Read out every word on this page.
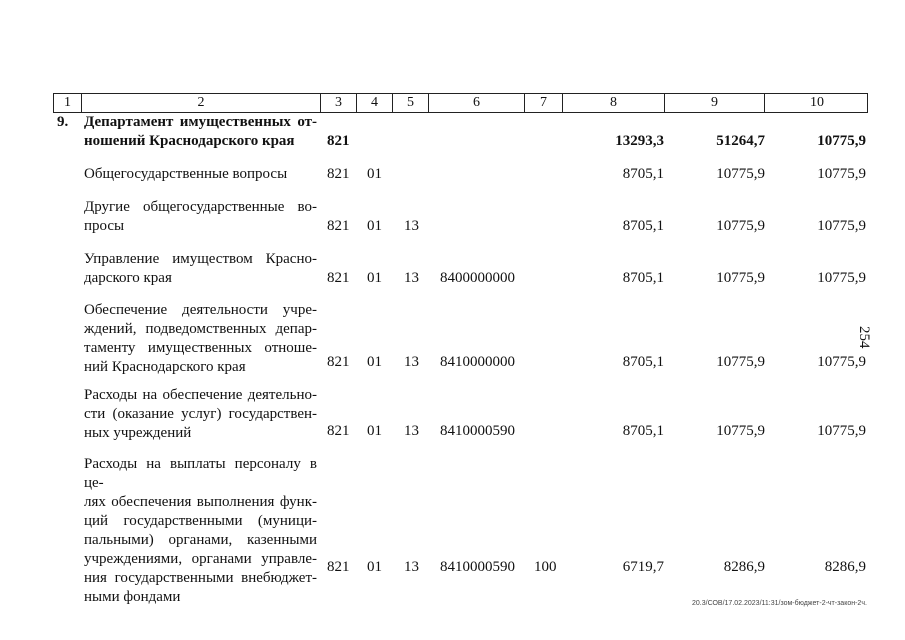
1	2	3	4	5	6	7	8	9	10
9. Департамент имущественных от-
ношений Краснодарского края	821	13293,3	51264,7	10775,9
Общегосударственные вопросы	821 01	8705,1	10775,9	10775,9
Другие общегосударственные во-
просы	821 01 13	8705,1	10775,9	10775,9
Управление имуществом Красно-
дарского края	821 01 13 8400000000	8705,1	10775,9	10775,9
Обеспечение деятельности учре-
ждений, подведомственных депар-
таменту имущественных отноше-
ний Краснодарского края	821 01 13 8410000000	8705,1	10775,9	10775,9
Расходы на обеспечение деятельно-
сти (оказание услуг) государствен-
ных учреждений	821 01 13 8410000590	8705,1	10775,9	10775,9
Расходы на выплаты персоналу в це-
лях обеспечения выполнения функ-
ций государственными (муници-
пальными) органами, казенными
учреждениями, органами управле-
ния государственными внебюджет-
ными фондами
821 01 13 8410000590 100	6719,7	8286,9	8286,9
254
20.3/СОВ/17.02.2023/11:31/зом-бюджет-2-чт-закон-2ч.
